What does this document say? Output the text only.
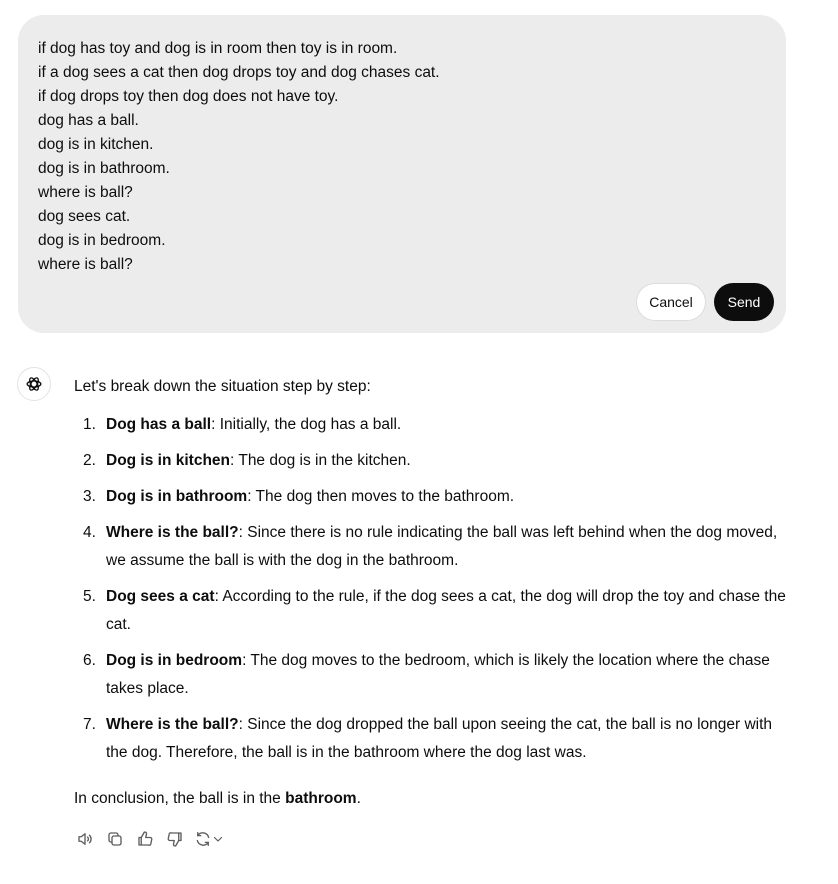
if dog has toy and dog is in room then toy is in room.
if a dog sees a cat then dog drops toy and dog chases cat.
if dog drops toy then dog does not have toy.
dog has a ball.
dog is in kitchen.
dog is in bathroom.
where is ball?
dog sees cat.
dog is in bedroom.
where is ball?
Cancel	Send

Let's break down the situation step by step:

1. Dog has a ball: Initially, the dog has a ball.
2. Dog is in kitchen: The dog is in the kitchen.
3. Dog is in bathroom: The dog then moves to the bathroom.
4. Where is the ball?: Since there is no rule indicating the ball was left behind when the dog moved, we assume the ball is with the dog in the bathroom.
5. Dog sees a cat: According to the rule, if the dog sees a cat, the dog will drop the toy and chase the cat.
6. Dog is in bedroom: The dog moves to the bedroom, which is likely the location where the chase takes place.
7. Where is the ball?: Since the dog dropped the ball upon seeing the cat, the ball is no longer with the dog. Therefore, the ball is in the bathroom where the dog last was.

In conclusion, the ball is in the bathroom.
